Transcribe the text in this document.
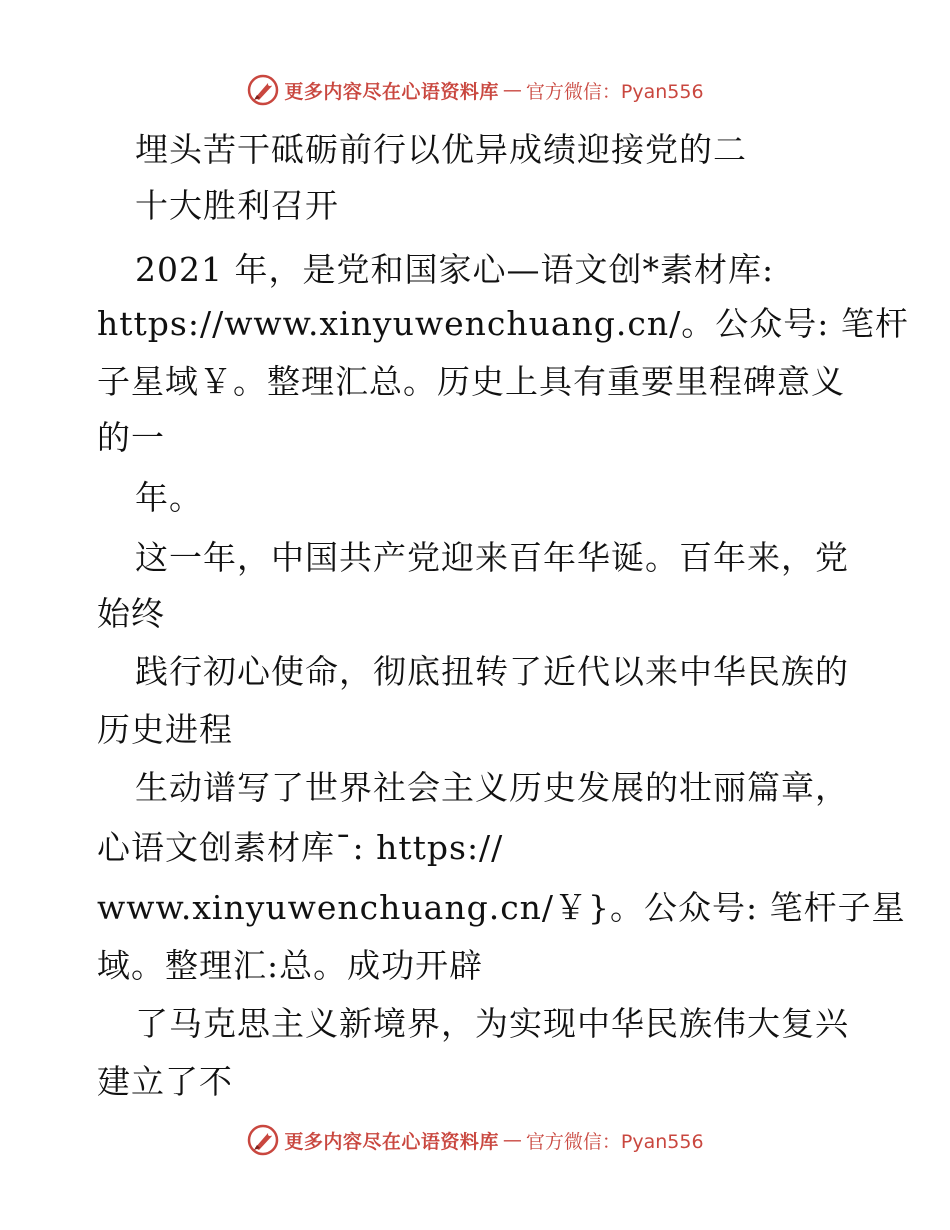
更多内容尽在心语资料库 — 官方微信：Pyan556
埋头苦干砥砺前行以优异成绩迎接党的二
十大胜利召开
2021 年，是党和国家心—语文创*素材库:
https://www.xinyuwenchuang.cn/。公众号: 笔杆
子星域￥。整理汇总。历史上具有重要里程碑意义
的一
年。
这一年，中国共产党迎来百年华诞。百年来，党
始终
践行初心使命，彻底扭转了近代以来中华民族的
历史进程
生动谱写了世界社会主义历史发展的壮丽篇章，
心语文创素材库¯: https://
www.xinyuwenchuang.cn/￥}。公众号: 笔杆子星
域。整理汇:总。成功开辟
了马克思主义新境界，为实现中华民族伟大复兴
建立了不
更多内容尽在心语资料库 — 官方微信：Pyan556
